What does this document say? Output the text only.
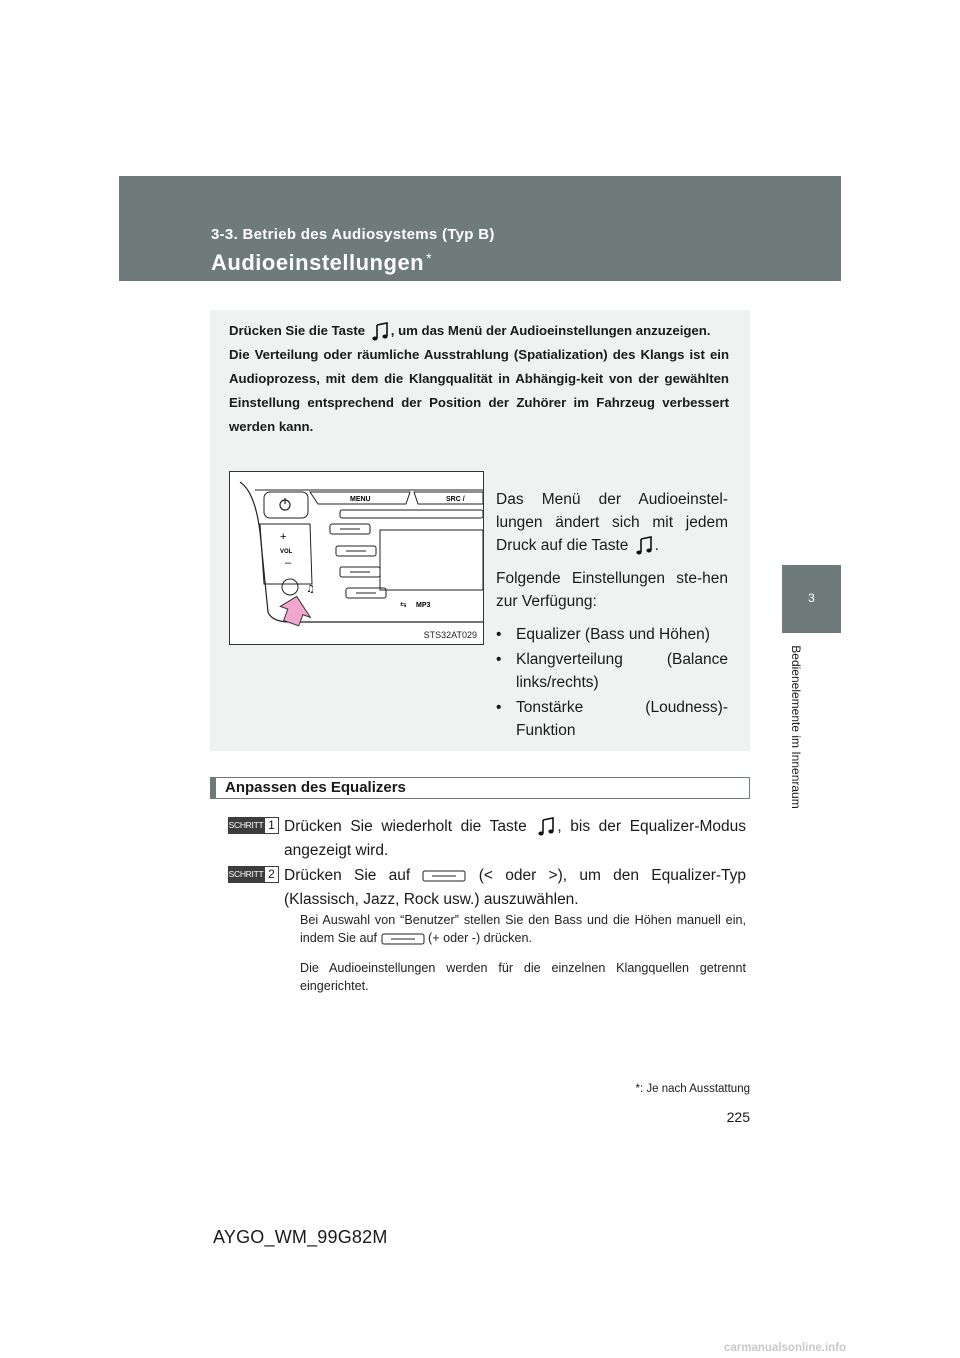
3-3. Betrieb des Audiosystems (Typ B)
Audioeinstellungen *
3
Bedienelemente im Innenraum
Drücken Sie die Taste , um das Menü der Audioeinstellungen anzuzeigen.
Die Verteilung oder räumliche Ausstrahlung (Spatialization) des Klangs ist ein Audioprozess, mit dem die Klangqualität in Abhängig-keit von der gewählten Einstellung entsprechend der Position der Zuhörer im Fahrzeug verbessert werden kann.
MENU	SRC /
+
VOL
–
⇆ MP3
♫
STS32AT029

Das Menü der Audioeinstel-lungen ändert sich mit jedem Druck auf die Taste .

Folgende Einstellungen ste-hen zur Verfügung:

• Equalizer (Bass und Höhen)
• Klangverteilung (Balance links/rechts)
• Tonstärke (Loudness)-Funktion
Anpassen des Equalizers
SCHRITT 1 Drücken Sie wiederholt die Taste , bis der Equalizer-Modus angezeigt wird.
SCHRITT 2 Drücken Sie auf	(< oder >), um den Equalizer-Typ (Klassisch, Jazz, Rock usw.) auszuwählen.
Bei Auswahl von “Benutzer” stellen Sie den Bass und die Höhen manuell ein, indem Sie auf	(+ oder -) drücken.
Die Audioeinstellungen werden für die einzelnen Klangquellen getrennt eingerichtet.
*: Je nach Ausstattung
225
AYGO_WM_99G82M
carmanualsonline.info
